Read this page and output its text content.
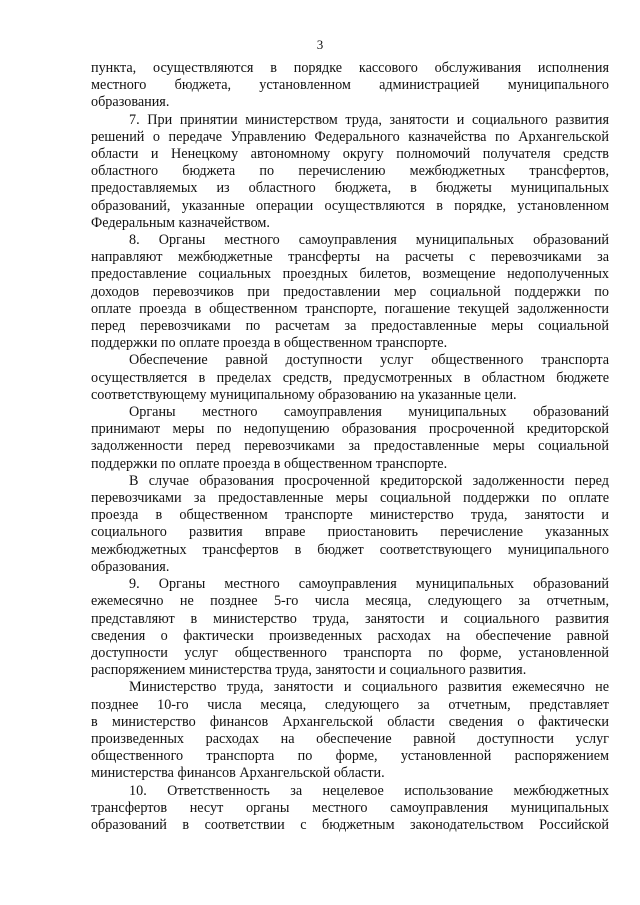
3

пункта, осуществляются в порядке кассового обслуживания исполнения

местного бюджета, установленном администрацией муниципального

образования.

7. При принятии министерством труда, занятости и социального развития

решений о передаче Управлению Федерального казначейства по Архангельской

области и Ненецкому автономному округу полномочий получателя средств

областного бюджета по перечислению межбюджетных трансфертов,

предоставляемых из областного бюджета, в бюджеты муниципальных

образований, указанные операции осуществляются в порядке, установленном

Федеральным казначейством.

8. Органы местного самоуправления муниципальных образований

направляют межбюджетные трансферты на расчеты с перевозчиками за

предоставление социальных проездных билетов, возмещение недополученных

доходов перевозчиков при предоставлении мер социальной поддержки по

оплате проезда в общественном транспорте, погашение текущей задолженности

перед перевозчиками по расчетам за предоставленные меры социальной

поддержки по оплате проезда в общественном транспорте.

Обеспечение равной доступности услуг общественного транспорта

осуществляется в пределах средств, предусмотренных в областном бюджете

соответствующему муниципальному образованию на указанные цели.

Органы местного самоуправления муниципальных образований

принимают меры по недопущению образования просроченной кредиторской

задолженности перед перевозчиками за предоставленные меры социальной

поддержки по оплате проезда в общественном транспорте.

В случае образования просроченной кредиторской задолженности перед

перевозчиками за предоставленные меры социальной поддержки по оплате

проезда в общественном транспорте министерство труда, занятости и

социального развития вправе приостановить перечисление указанных

межбюджетных трансфертов в бюджет соответствующего муниципального

образования.

9. Органы местного самоуправления муниципальных образований

ежемесячно не позднее 5-го числа месяца, следующего за отчетным,

представляют в министерство труда, занятости и социального развития

сведения о фактически произведенных расходах на обеспечение равной

доступности услуг общественного транспорта по форме, установленной

распоряжением министерства труда, занятости и социального развития.

Министерство труда, занятости и социального развития ежемесячно не

позднее 10-го числа месяца, следующего за отчетным, представляет

в министерство финансов Архангельской области сведения о фактически

произведенных расходах на обеспечение равной доступности услуг

общественного транспорта по форме, установленной распоряжением

министерства финансов Архангельской области.

10. Ответственность за нецелевое использование межбюджетных

трансфертов несут органы местного самоуправления муниципальных

образований в соответствии с бюджетным законодательством Российской
